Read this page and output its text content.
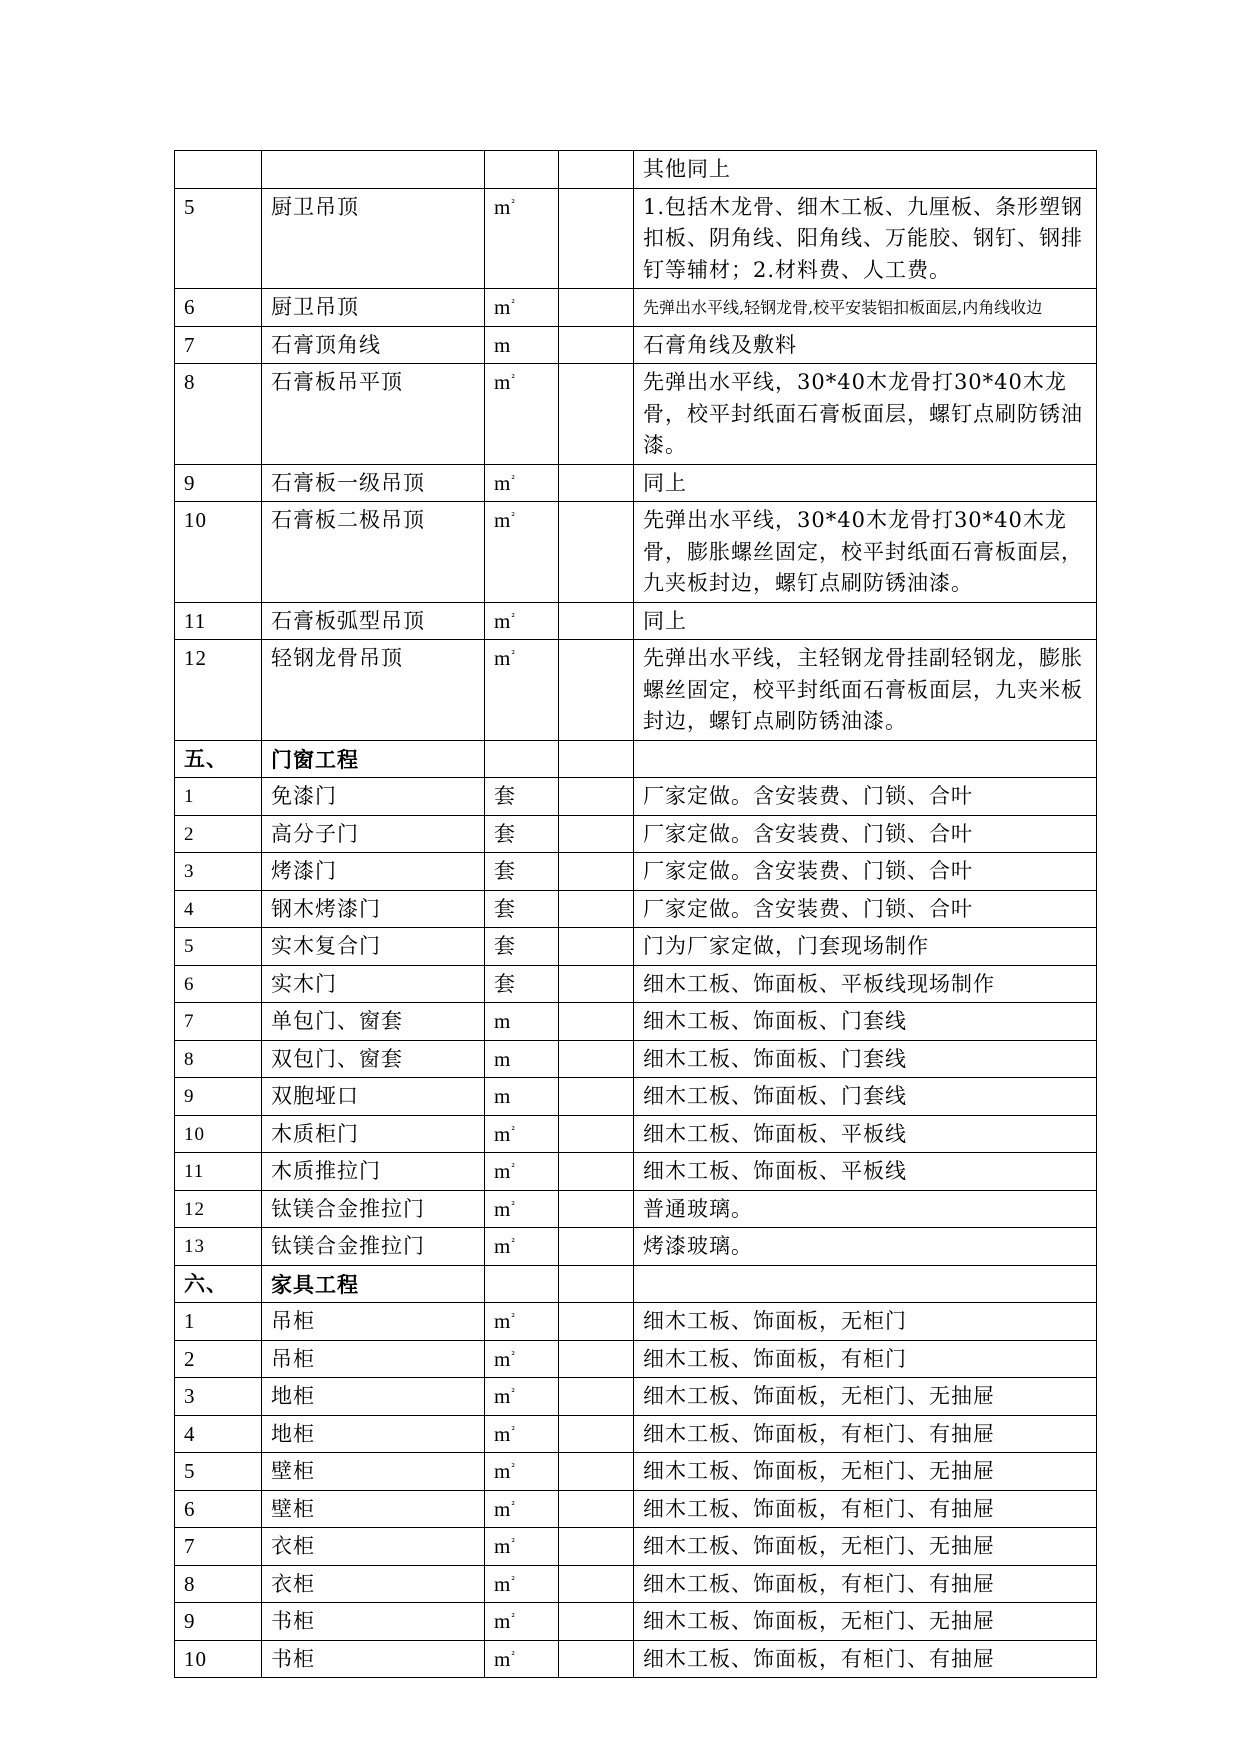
				其他同上
5	厨卫吊顶	$m^{^2}$		1.包括木龙骨、细木工板、九厘板、条形塑钢扣板、阴角线、阳角线、万能胶、钢钉、钢排钉等辅材；2.材料费、人工费。
6	厨卫吊顶	$m^{^2}$		先弹出水平线,轻钢龙骨,校平安装铝扣板面层,内角线收边
7	石膏顶角线	m		石膏角线及敷料
8	石膏板吊平顶	$m^{^2}$		先弹出水平线，30*40木龙骨打30*40木龙骨，校平封纸面石膏板面层，螺钉点刷防锈油漆。
9	石膏板一级吊顶	$m^{^2}$		同上
10	石膏板二极吊顶	$m^{^2}$		先弹出水平线，30*40木龙骨打30*40木龙骨，膨胀螺丝固定，校平封纸面石膏板面层，九夹板封边，螺钉点刷防锈油漆。
11	石膏板弧型吊顶	$m^{^2}$		同上
12	轻钢龙骨吊顶	$m^{^2}$		先弹出水平线，主轻钢龙骨挂副轻钢龙，膨胀螺丝固定，校平封纸面石膏板面层，九夹米板封边，螺钉点刷防锈油漆。
五、	门窗工程			
1	免漆门	套		厂家定做。含安装费、门锁、合叶
2	高分子门	套		厂家定做。含安装费、门锁、合叶
3	烤漆门	套		厂家定做。含安装费、门锁、合叶
4	钢木烤漆门	套		厂家定做。含安装费、门锁、合叶
5	实木复合门	套		门为厂家定做，门套现场制作
6	实木门	套		细木工板、饰面板、平板线现场制作
7	单包门、窗套	m		细木工板、饰面板、门套线
8	双包门、窗套	m		细木工板、饰面板、门套线
9	双胞垭口	m		细木工板、饰面板、门套线
10	木质柜门	$m^{^2}$		细木工板、饰面板、平板线
11	木质推拉门	$m^{^2}$		细木工板、饰面板、平板线
12	钛镁合金推拉门	$m^{^2}$		普通玻璃。
13	钛镁合金推拉门	$m^{^2}$		烤漆玻璃。
六、	家具工程			
1	吊柜	$m^{^2}$		细木工板、饰面板，无柜门
2	吊柜	$m^{^2}$		细木工板、饰面板，有柜门
3	地柜	$m^{^2}$		细木工板、饰面板，无柜门、无抽屉
4	地柜	$m^{^2}$		细木工板、饰面板，有柜门、有抽屉
5	壁柜	$m^{^2}$		细木工板、饰面板，无柜门、无抽屉
6	壁柜	$m^{^2}$		细木工板、饰面板，有柜门、有抽屉
7	衣柜	$m^{^2}$		细木工板、饰面板，无柜门、无抽屉
8	衣柜	$m^{^2}$		细木工板、饰面板，有柜门、有抽屉
9	书柜	$m^{^2}$		细木工板、饰面板，无柜门、无抽屉
10	书柜	$m^{^2}$		细木工板、饰面板，有柜门、有抽屉
